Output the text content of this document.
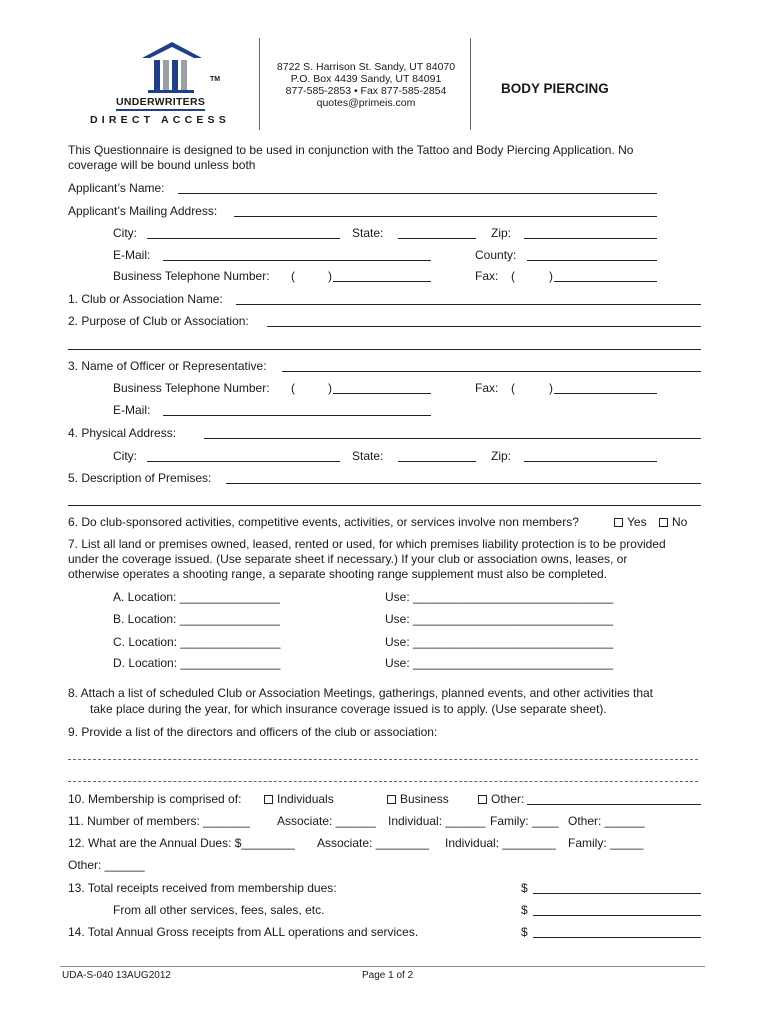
TM
UNDERWRITERS
DIRECT ACCESS
8722 S. Harrison St. Sandy, UT 84070
P.O. Box 4439 Sandy, UT 84091
877-585-2853 • Fax 877-585-2854
quotes@primeis.com
BODY PIERCING
This Questionnaire is designed to be used in conjunction with the Tattoo and Body Piercing Application. No
coverage will be bound unless both
Applicant’s Name:
Applicant’s Mailing Address:
City:	State:	Zip:
E-Mail:	County:
Business Telephone Number: (	)	Fax: (	)
1. Club or Association Name:
2. Purpose of Club or Association:
3. Name of Officer or Representative:
Business Telephone Number: (	)	Fax: (	)
E-Mail:
4. Physical Address:
City:	State:	Zip:
5. Description of Premises:
6. Do club-sponsored activities, competitive events, activities, or services involve non members?	Yes	No
7. List all land or premises owned, leased, rented or used, for which premises liability protection is to be provided
under the coverage issued. (Use separate sheet if necessary.) If your club or association owns, leases, or
otherwise operates a shooting range, a separate shooting range supplement must also be completed.
A. Location: _______________	Use: ______________________________
B. Location: _______________	Use: ______________________________
C. Location: _______________	Use: ______________________________
D. Location: _______________	Use: ______________________________
8. Attach a list of scheduled Club or Association Meetings, gatherings, planned events, and other activities that
take place during the year, for which insurance coverage issued is to apply. (Use separate sheet).
9. Provide a list of the directors and officers of the club or association:
10. Membership is comprised of:	Individuals	Business	Other:
11. Number of members: _______ Associate: ______ Individual: ______ Family: ____ Other: ______
12. What are the Annual Dues: $________ Associate: ________ Individual: ________ Family: _____
Other: ______
13. Total receipts received from membership dues:	$
From all other services, fees, sales, etc.	$
14. Total Annual Gross receipts from ALL operations and services.	$
UDA-S-040 13AUG2012	Page 1 of 2
